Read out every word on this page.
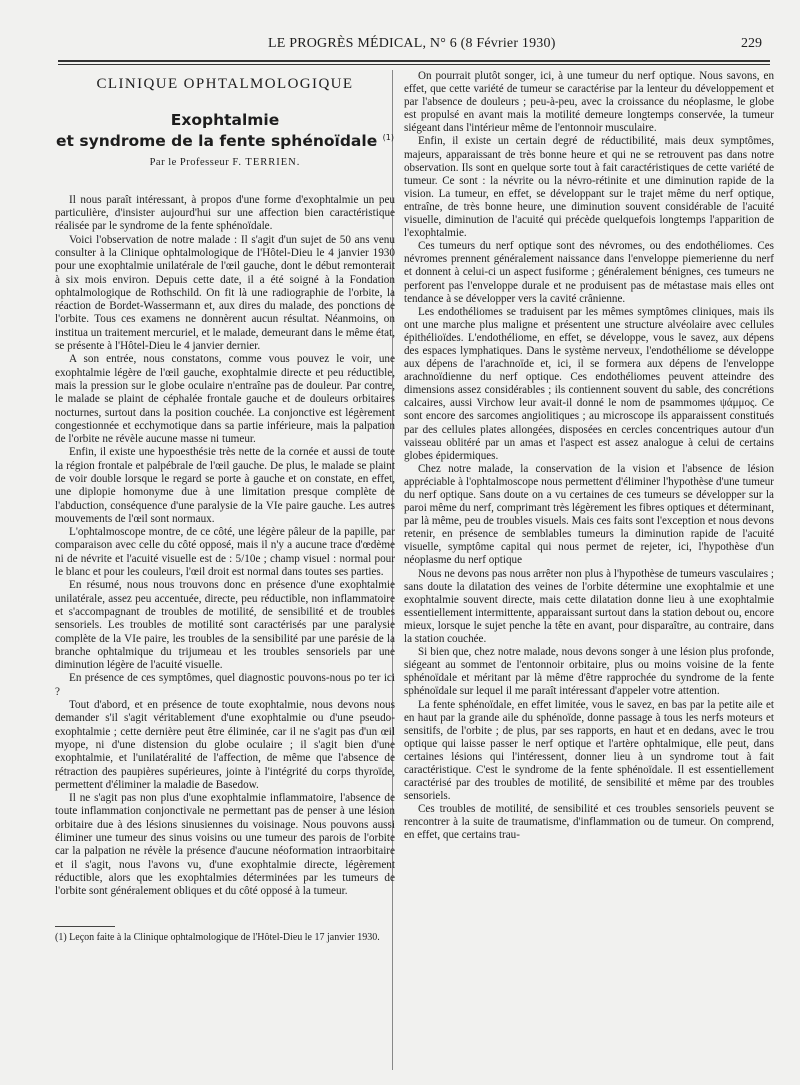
LE PROGRÈS MÉDICAL, N° 6 (8 Février 1930)	229
CLINIQUE OPHTALMOLOGIQUE
Exophtalmie
et syndrome de la fente sphénoïdale $^{(1)}$
Par le Professeur F. TERRIEN.

Il nous paraît intéressant, à propos d'une forme d'exophtalmie un peu particulière, d'insister aujourd'hui sur une affection bien caractéristique réalisée par le syndrome de la fente sphénoïdale.

Voici l'observation de notre malade : Il s'agit d'un sujet de 50 ans venu consulter à la Clinique ophtalmologique de l'Hôtel-Dieu le 4 janvier 1930 pour une exophtalmie unilatérale de l'œil gauche, dont le début remonterait à six mois environ. Depuis cette date, il a été soigné à la Fondation ophtalmologique de Rothschild. On fit là une radiographie de l'orbite, la réaction de Bordet-Wassermann et, aux dires du malade, des ponctions de l'orbite. Tous ces examens ne donnèrent aucun résultat. Néanmoins, on institua un traitement mercuriel, et le malade, demeurant dans le même état, se présente à l'Hôtel-Dieu le 4 janvier dernier.

A son entrée, nous constatons, comme vous pouvez le voir, une exophtalmie légère de l'œil gauche, exophtalmie directe et peu réductible, mais la pression sur le globe oculaire n'entraîne pas de douleur. Par contre, le malade se plaint de céphalée frontale gauche et de douleurs orbitaires nocturnes, surtout dans la position couchée. La conjonctive est légèrement congestionnée et ecchymotique dans sa partie inférieure, mais la palpation de l'orbite ne révèle aucune masse ni tumeur.

Enfin, il existe une hypoesthésie très nette de la cornée et aussi de toute la région frontale et palpébrale de l'œil gauche. De plus, le malade se plaint de voir double lorsque le regard se porte à gauche et on constate, en effet, une diplopie homonyme due à une limitation presque complète de l'abduction, conséquence d'une paralysie de la VIe paire gauche. Les autres mouvements de l'œil sont normaux.

L'ophtalmoscope montre, de ce côté, une légère pâleur de la papille, par comparaison avec celle du côté opposé, mais il n'y a aucune trace d'œdème ni de névrite et l'acuité visuelle est de : 5/10e ; champ visuel : normal pour le blanc et pour les couleurs, l'œil droit est normal dans toutes ses parties.

En résumé, nous nous trouvons donc en présence d'une exophtalmie unilatérale, assez peu accentuée, directe, peu réductible, non inflammatoire et s'accompagnant de troubles de motilité, de sensibilité et de troubles sensoriels. Les troubles de motilité sont caractérisés par une paralysie complète de la VIe paire, les troubles de la sensibilité par une parésie de la branche ophtalmique du trijumeau et les troubles sensoriels par une diminution légère de l'acuité visuelle.

En présence de ces symptômes, quel diagnostic pouvons-nous po ter ici ?

Tout d'abord, et en présence de toute exophtalmie, nous devons nous demander s'il s'agit véritablement d'une exophtalmie ou d'une pseudo-exophtalmie ; cette dernière peut être éliminée, car il ne s'agit pas d'un œil myope, ni d'une distension du globe oculaire ; il s'agit bien d'une exophtalmie, et l'unilatéralité de l'affection, de même que l'absence de rétraction des paupières supérieures, jointe à l'intégrité du corps thyroïde, permettent d'éliminer la maladie de Basedow.

Il ne s'agit pas non plus d'une exophtalmie inflammatoire, l'absence de toute inflammation conjonctivale ne permettant pas de penser à une lésion orbitaire due à des lésions sinusiennes du voisinage. Nous pouvons aussi éliminer une tumeur des sinus voisins ou une tumeur des parois de l'orbite car la palpation ne révèle la présence d'aucune néoformation intraorbitaire et il s'agit, nous l'avons vu, d'une exophtalmie directe, légèrement réductible, alors que les exophtalmies déterminées par les tumeurs de l'orbite sont généralement obliques et du côté opposé à la tumeur.

(1) Leçon faite à la Clinique ophtalmologique de l'Hôtel-Dieu le 17 janvier 1930.

On pourrait plutôt songer, ici, à une tumeur du nerf optique. Nous savons, en effet, que cette variété de tumeur se caractérise par la lenteur du développement et par l'absence de douleurs ; peu-à-peu, avec la croissance du néoplasme, le globe est propulsé en avant mais la motilité demeure longtemps conservée, la tumeur siégeant dans l'intérieur même de l'entonnoir musculaire.

Enfin, il existe un certain degré de réductibilité, mais deux symptômes, majeurs, apparaissant de très bonne heure et qui ne se retrouvent pas dans notre observation. Ils sont en quelque sorte tout à fait caractéristiques de cette variété de tumeur. Ce sont : la névrite ou la névro-rétinite et une diminution rapide de la vision. La tumeur, en effet, se développant sur le trajet même du nerf optique, entraîne, de très bonne heure, une diminution souvent considérable de l'acuité visuelle, diminution de l'acuité qui précède quelquefois longtemps l'apparition de l'exophtalmie.

Ces tumeurs du nerf optique sont des névromes, ou des endothéliomes. Ces névromes prennent généralement naissance dans l'enveloppe piemerienne du nerf et donnent à celui-ci un aspect fusiforme ; généralement bénignes, ces tumeurs ne perforent pas l'enveloppe durale et ne produisent pas de métastase mais elles ont tendance à se développer vers la cavité crânienne.

Les endothéliomes se traduisent par les mêmes symptômes cliniques, mais ils ont une marche plus maligne et présentent une structure alvéolaire avec cellules épithélioïdes. L'endothéliome, en effet, se développe, vous le savez, aux dépens des espaces lymphatiques. Dans le système nerveux, l'endothéliome se développe aux dépens de l'arachnoïde et, ici, il se formera aux dépens de l'enveloppe arachnoïdienne du nerf optique. Ces endothéliomes peuvent atteindre des dimensions assez considérables ; ils contiennent souvent du sable, des concrétions calcaires, aussi Virchow leur avait-il donné le nom de psammomes ψάμμος. Ce sont encore des sarcomes angiolitiques ; au microscope ils apparaissent constitués par des cellules plates allongées, disposées en cercles concentriques autour d'un vaisseau oblitéré par un amas et l'aspect est assez analogue à celui de certains globes épidermiques.

Chez notre malade, la conservation de la vision et l'absence de lésion appréciable à l'ophtalmoscope nous permettent d'éliminer l'hypothèse d'une tumeur du nerf optique. Sans doute on a vu certaines de ces tumeurs se développer sur la paroi même du nerf, comprimant très légèrement les fibres optiques et déterminant, par là même, peu de troubles visuels. Mais ces faits sont l'exception et nous devons retenir, en présence de semblables tumeurs la diminution rapide de l'acuité visuelle, symptôme capital qui nous permet de rejeter, ici, l'hypothèse d'un néoplasme du nerf optique

Nous ne devons pas nous arrêter non plus à l'hypothèse de tumeurs vasculaires ; sans doute la dilatation des veines de l'orbite détermine une exophtalmie et une exophtalmie souvent directe, mais cette dilatation donne lieu à une exophtalmie essentiellement intermittente, apparaissant surtout dans la station debout ou, encore mieux, lorsque le sujet penche la tête en avant, pour disparaître, au contraire, dans la station couchée.

Si bien que, chez notre malade, nous devons songer à une lésion plus profonde, siégeant au sommet de l'entonnoir orbitaire, plus ou moins voisine de la fente sphénoïdale et méritant par là même d'être rapprochée du syndrome de la fente sphénoïdale sur lequel il me paraît intéressant d'appeler votre attention.

La fente sphénoïdale, en effet limitée, vous le savez, en bas par la petite aile et en haut par la grande aile du sphénoïde, donne passage à tous les nerfs moteurs et sensitifs, de l'orbite ; de plus, par ses rapports, en haut et en dedans, avec le trou optique qui laisse passer le nerf optique et l'artère ophtalmique, elle peut, dans certaines lésions qui l'intéressent, donner lieu à un syndrome tout à fait caractéristique. C'est le syndrome de la fente sphénoïdale. Il est essentiellement caractérisé par des troubles de motilité, de sensibilité et même par des troubles sensoriels.

Ces troubles de motilité, de sensibilité et ces troubles sensoriels peuvent se rencontrer à la suite de traumatisme, d'inflammation ou de tumeur. On comprend, en effet, que certains trau-
